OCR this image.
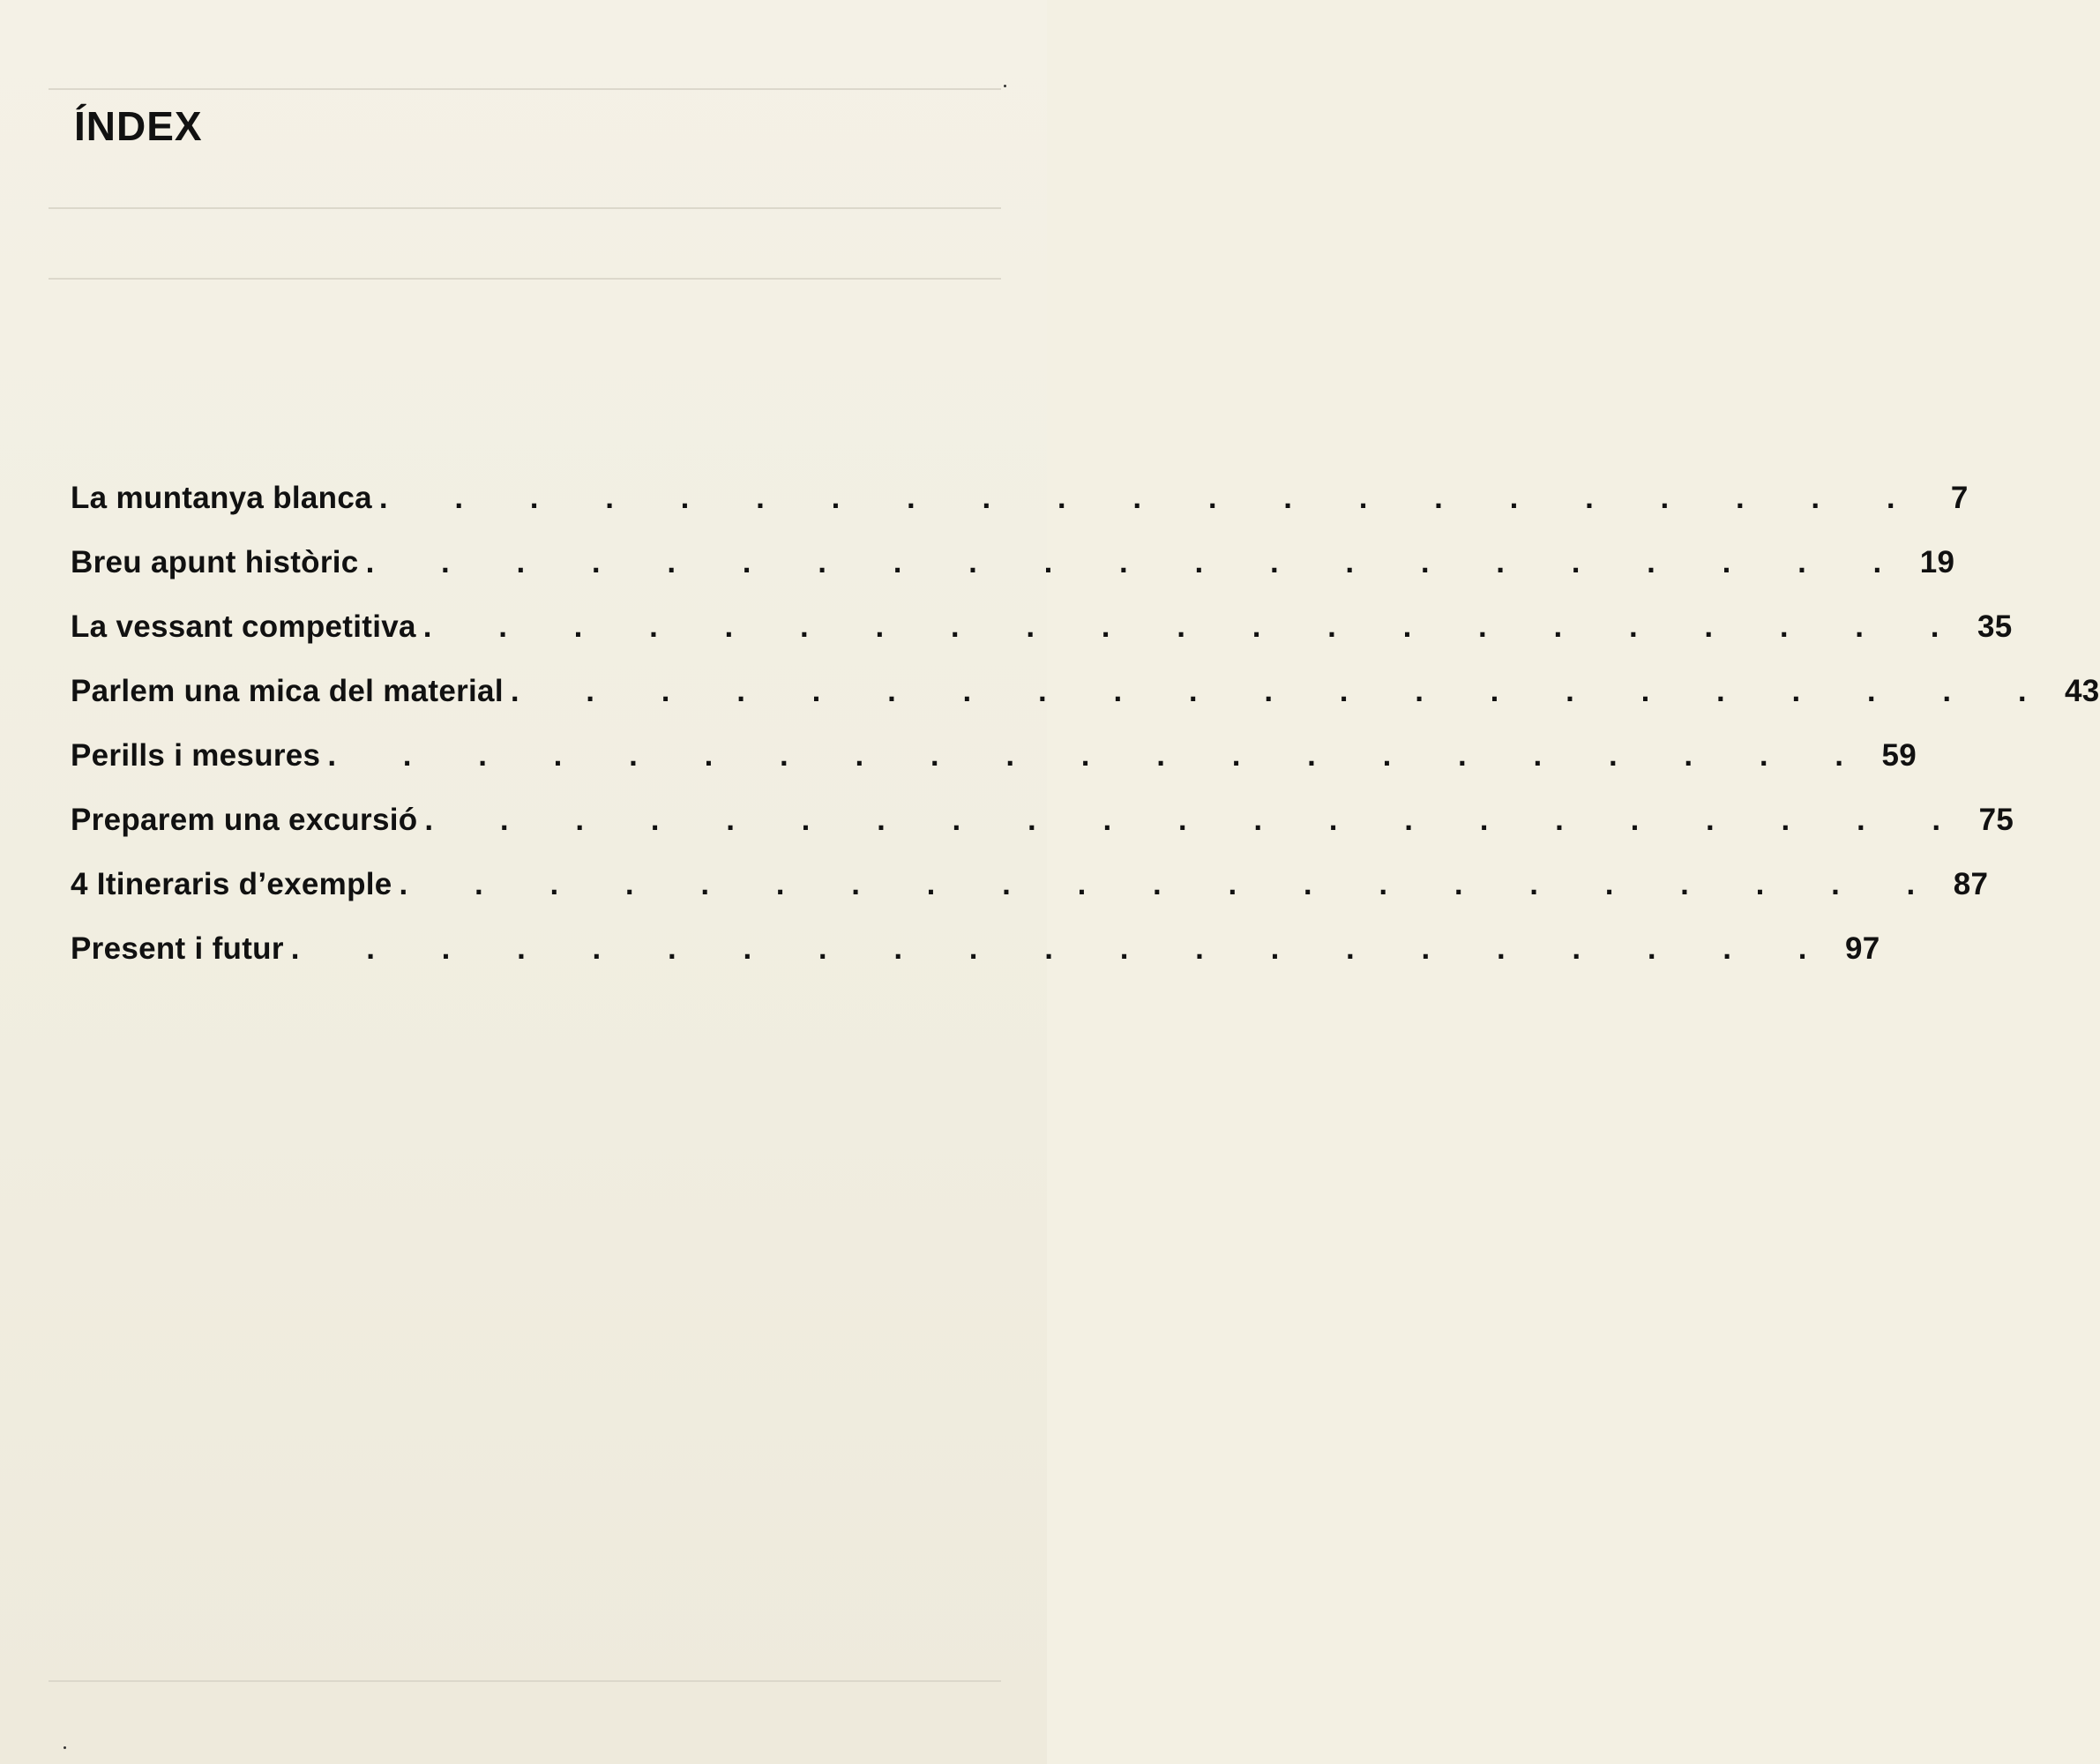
ÍNDEX
La muntanya blanca . . . . . . . . . . . . . . . . . . . . . 7
Breu apunt històric . . . . . . . . . . . . . . . . . . . . . 19
La vessant competitiva . . . . . . . . . . . . . . . . . . . . . 35
Parlem una mica del material . . . . . . . . . . . . . . . . . . . . . 43
Perills i mesures . . . . . . . . . . . . . . . . . . . . . 59
Preparem una excursió . . . . . . . . . . . . . . . . . . . . . 75
4 Itineraris d’exemple . . . . . . . . . . . . . . . . . . . . . 87
Present i futur . . . . . . . . . . . . . . . . . . . . . 97
